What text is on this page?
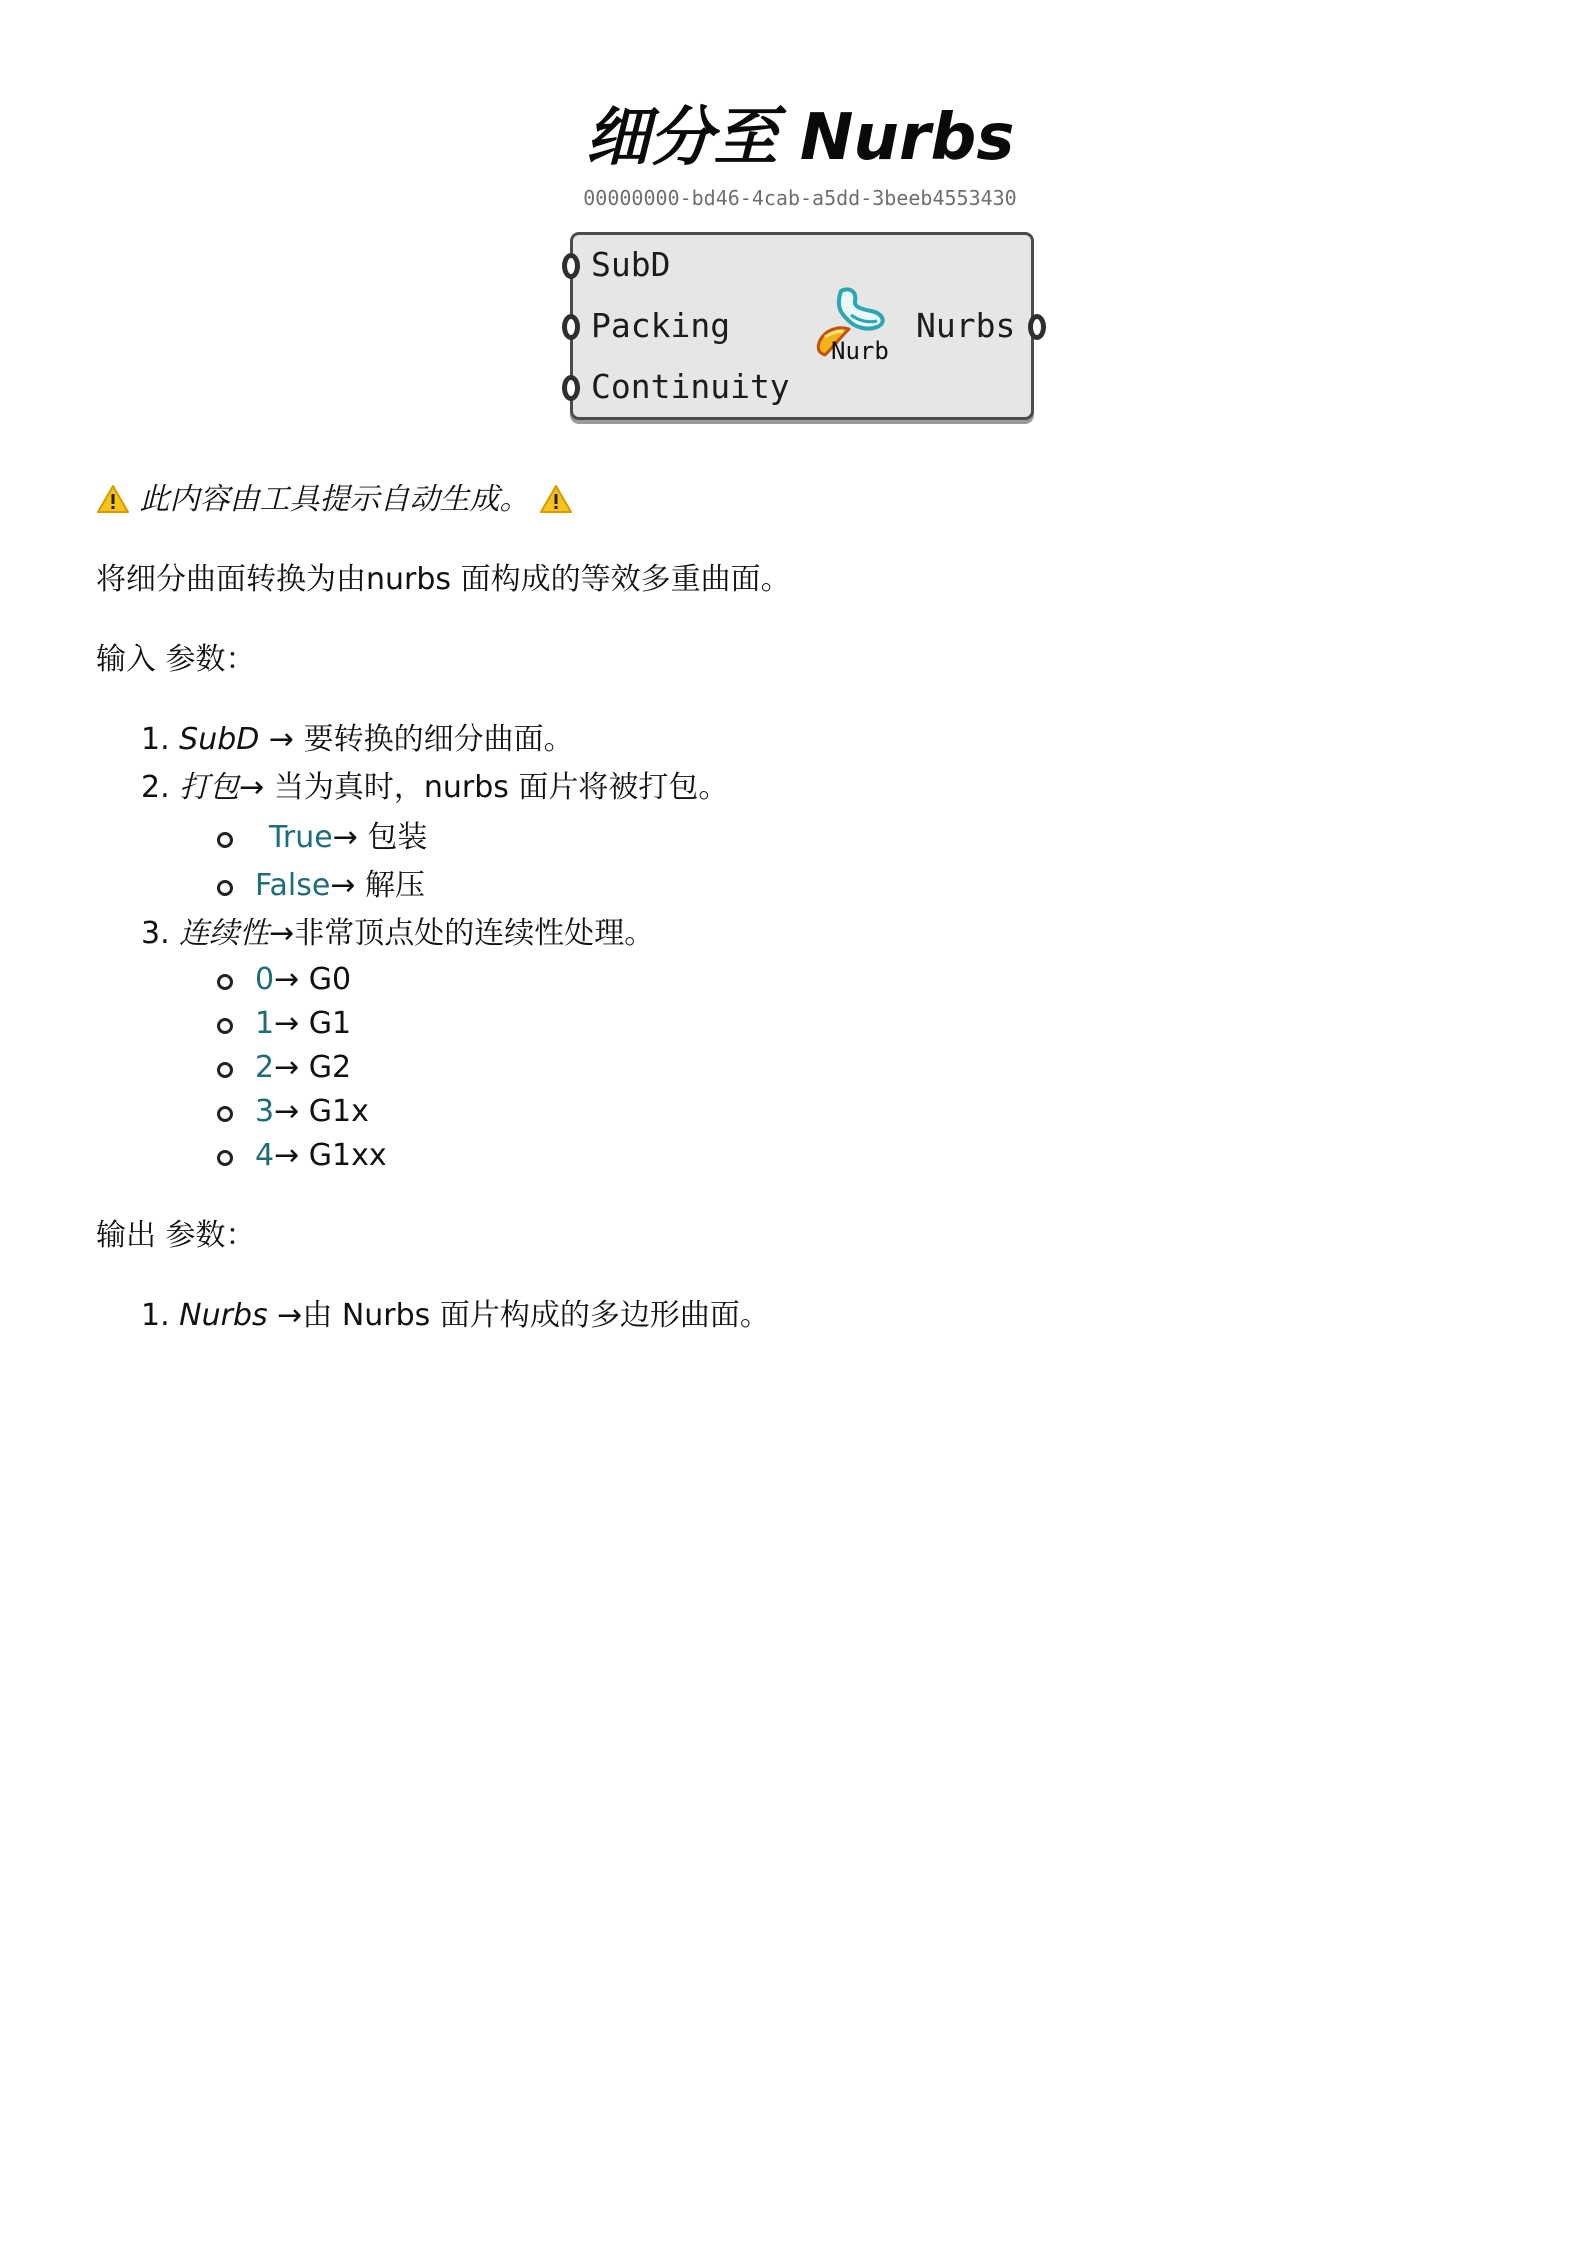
细分至 Nurbs
00000000-bd46-4cab-a5dd-3beeb4553430
SubD
Packing
Continuity
Nurbs
Nurb
此内容由工具提示自动生成。
将细分曲面转换为由nurbs 面构成的等效多重曲面。
输入 参数：
1. SubD → 要转换的细分曲面。
2. 打包→ 当为真时，nurbs 面片将被打包。
True→ 包装
False→ 解压
3. 连续性→非常顶点处的连续性处理。
0→ G0
1→ G1
2→ G2
3→ G1x
4→ G1xx
输出 参数：
1. Nurbs →由 Nurbs 面片构成的多边形曲面。
